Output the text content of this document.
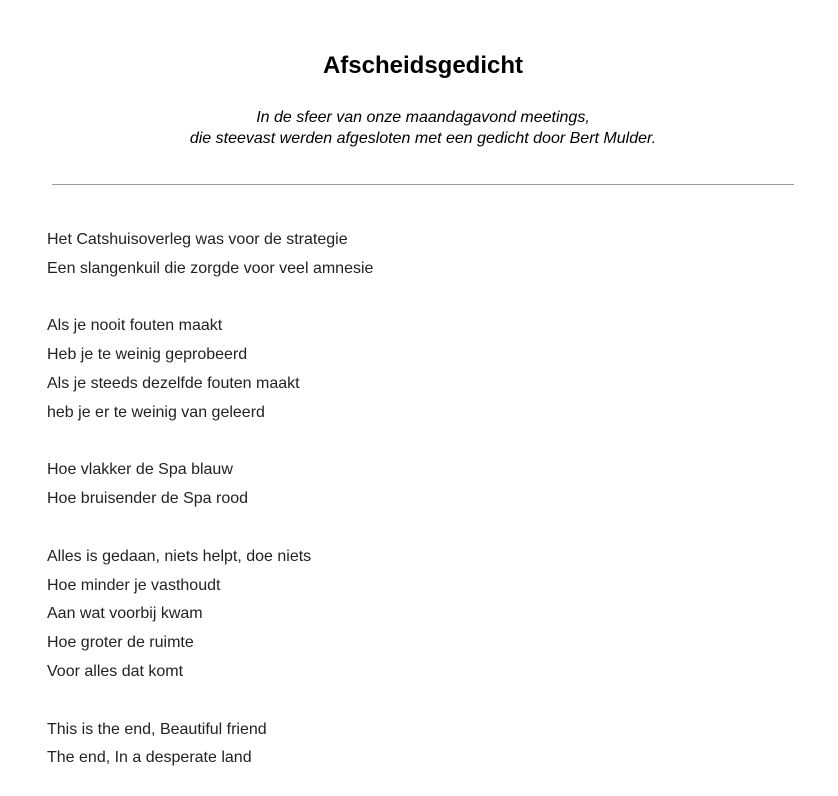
Afscheidsgedicht
In de sfeer van onze maandagavond meetings,
die steevast werden afgesloten met een gedicht door Bert Mulder.
Het Catshuisoverleg was voor de strategie
Een slangenkuil die zorgde voor veel amnesie
Als je nooit fouten maakt
Heb je te weinig geprobeerd
Als je steeds dezelfde fouten maakt
heb je er te weinig van geleerd
Hoe vlakker de Spa blauw
Hoe bruisender de Spa rood
Alles is gedaan, niets helpt, doe niets
Hoe minder je vasthoudt
Aan wat voorbij kwam
Hoe groter de ruimte
Voor alles dat komt
This is the end, Beautiful friend
The end, In a desperate land
